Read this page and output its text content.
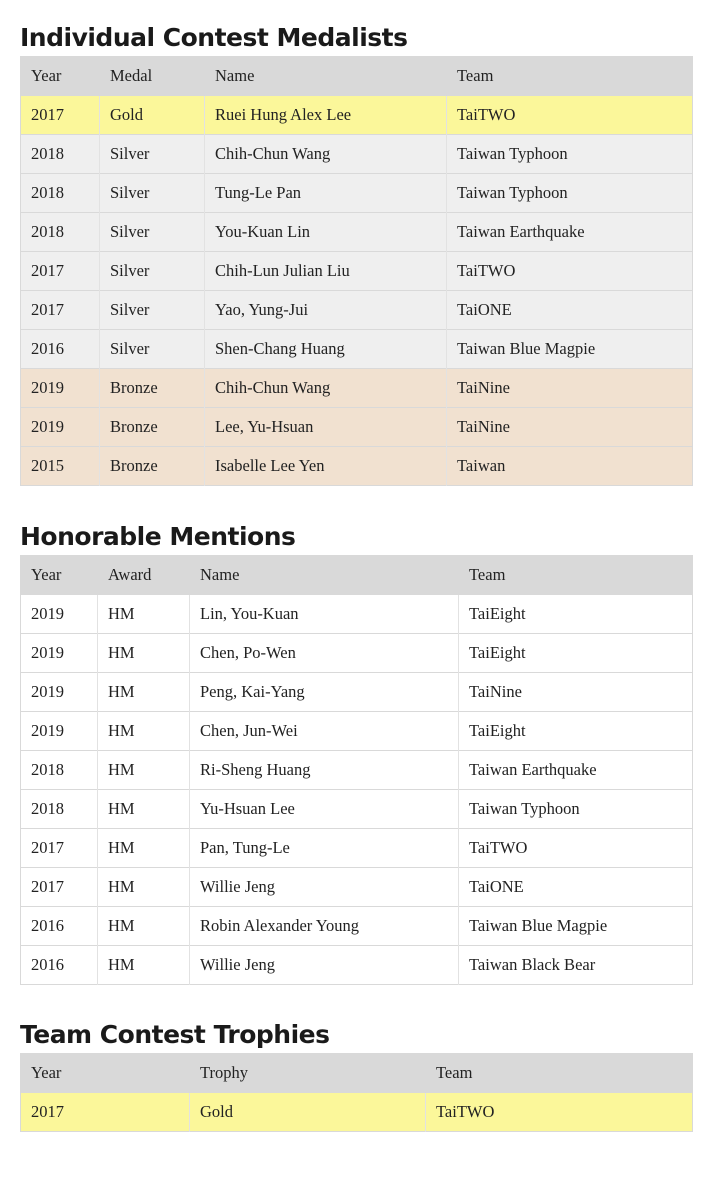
Individual Contest Medalists
Year	Medal	Name	Team
2017	Gold	Ruei Hung Alex Lee	TaiTWO
2018	Silver	Chih-Chun Wang	Taiwan Typhoon
2018	Silver	Tung-Le Pan	Taiwan Typhoon
2018	Silver	You-Kuan Lin	Taiwan Earthquake
2017	Silver	Chih-Lun Julian Liu	TaiTWO
2017	Silver	Yao, Yung-Jui	TaiONE
2016	Silver	Shen-Chang Huang	Taiwan Blue Magpie
2019	Bronze	Chih-Chun Wang	TaiNine
2019	Bronze	Lee, Yu-Hsuan	TaiNine
2015	Bronze	Isabelle Lee Yen	Taiwan
Honorable Mentions
Year	Award	Name	Team
2019	HM	Lin, You-Kuan	TaiEight
2019	HM	Chen, Po-Wen	TaiEight
2019	HM	Peng, Kai-Yang	TaiNine
2019	HM	Chen, Jun-Wei	TaiEight
2018	HM	Ri-Sheng Huang	Taiwan Earthquake
2018	HM	Yu-Hsuan Lee	Taiwan Typhoon
2017	HM	Pan, Tung-Le	TaiTWO
2017	HM	Willie Jeng	TaiONE
2016	HM	Robin Alexander Young	Taiwan Blue Magpie
2016	HM	Willie Jeng	Taiwan Black Bear
Team Contest Trophies
Year	Trophy	Team
2017	Gold	TaiTWO
